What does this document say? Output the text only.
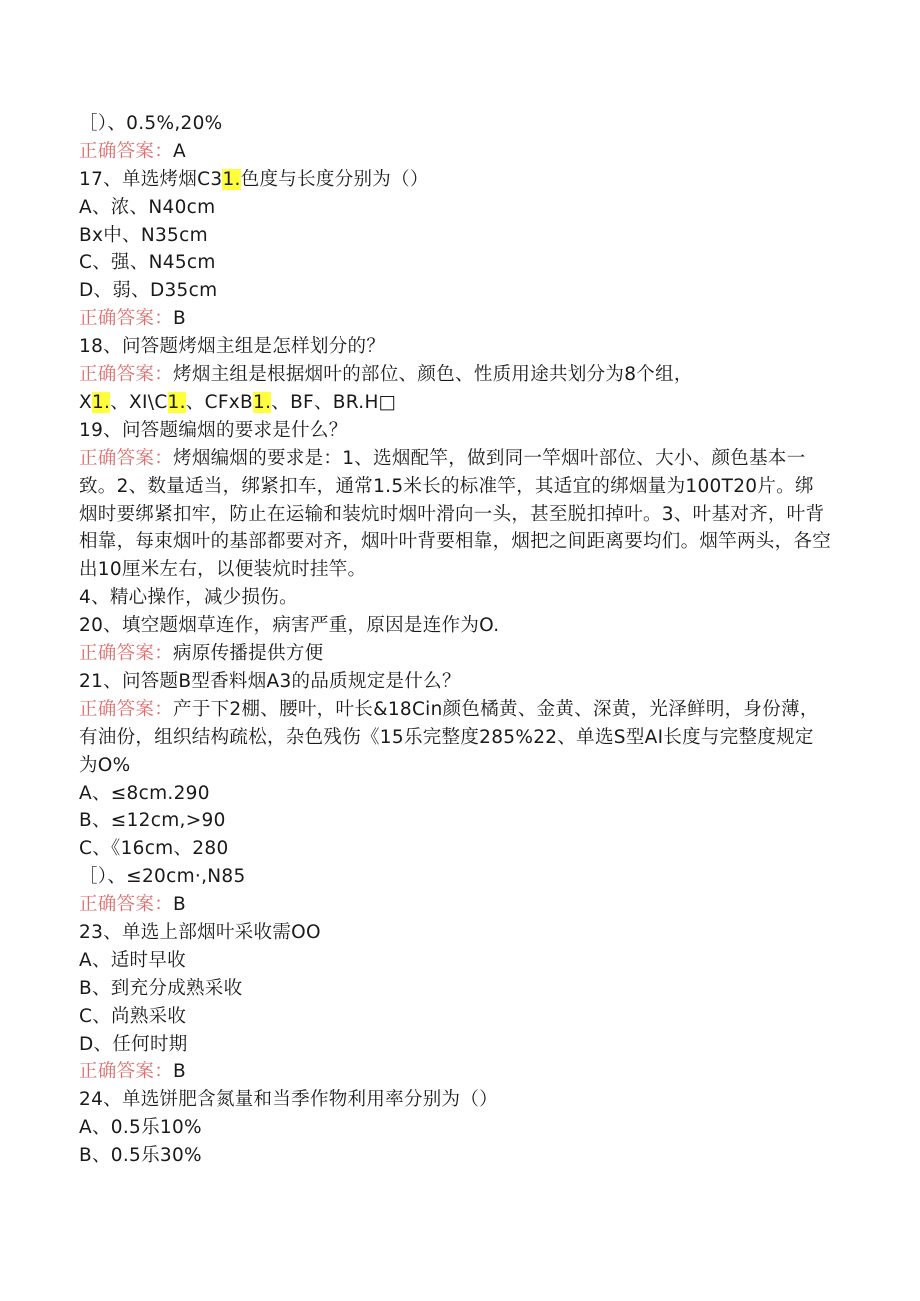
［）、0.5%,20%
正确答案：A
17、单选烤烟C31.色度与长度分别为（）
A、浓、N40cm
Bx中、N35cm
C、强、N45cm
D、弱、D35cm
正确答案：B
18、问答题烤烟主组是怎样划分的？
正确答案：烤烟主组是根据烟叶的部位、颜色、性质用途共划分为8个组，
X1.、XI\C1.、CFxB1.、BF、BR.H□
19、问答题编烟的要求是什么？
正确答案：烤烟编烟的要求是：1、选烟配竿，做到同一竿烟叶部位、大小、颜色基本一致。2、数量适当，绑紧扣车，通常1.5米长的标准竿，其适宜的绑烟量为100T20片。绑烟时要绑紧扣牢，防止在运输和装炕时烟叶滑向一头，甚至脱扣掉叶。3、叶基对齐，叶背相靠，每束烟叶的基部都要对齐，烟叶叶背要相靠，烟把之间距离要均们。烟竿两头，各空出10厘米左右，以便装炕时挂竿。
4、精心操作，减少损伤。
20、填空题烟草连作，病害严重，原因是连作为O.
正确答案：病原传播提供方便
21、问答题B型香料烟A3的品质规定是什么？
正确答案：产于下2棚、腰叶，叶长&18Cin颜色橘黄、金黄、深黄，光泽鲜明，身份薄，有油份，组织结构疏松，杂色残伤《15乐完整度285%22、单选S型AI长度与完整度规定为O%
A、≤8cm.290
B、≤12cm,>90
C、《16cm、280
［）、≤20cm·,N85
正确答案：B
23、单选上部烟叶采收需OO
A、适时早收
B、到充分成熟采收
C、尚熟采收
D、任何时期
正确答案：B
24、单选饼肥含氮量和当季作物利用率分别为（）
A、0.5乐10%
B、0.5乐30%
